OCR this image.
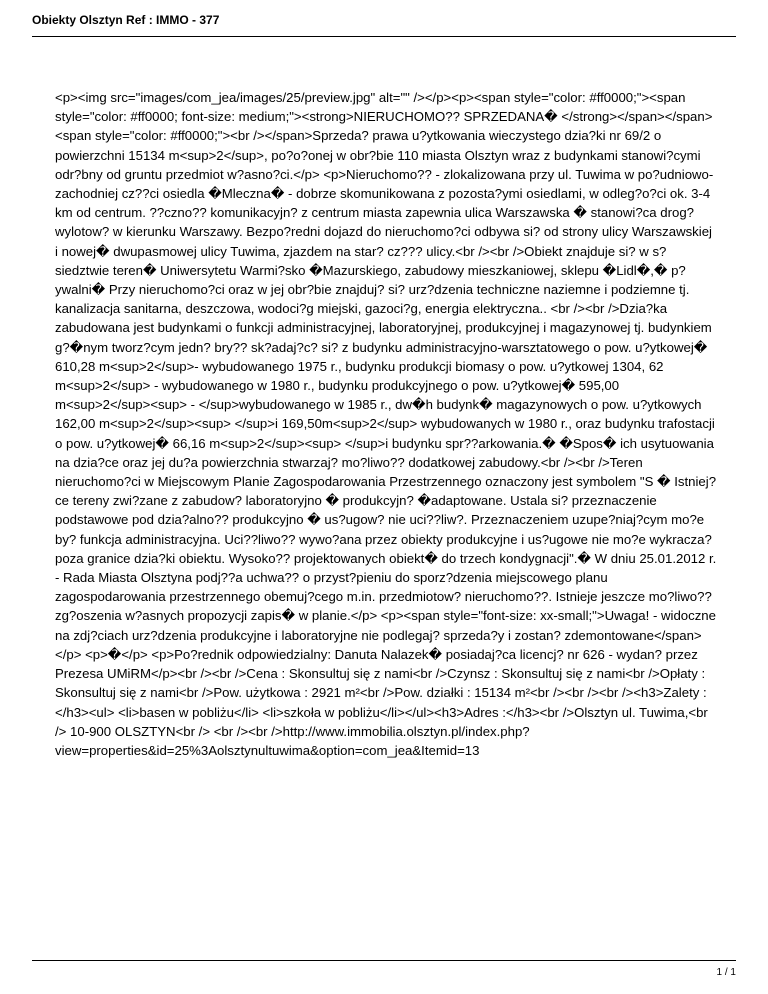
Obiekty Olsztyn Ref : IMMO - 377
<p><img src="images/com_jea/images/25/preview.jpg" alt="" /></p><p><span style="color: #ff0000;"><span style="color: #ff0000; font-size: medium;"><strong>NIERUCHOMO?? SPRZEDANA� </strong></span></span><span style="color: #ff0000;"><br /></span>Sprzeda? prawa u?ytkowania wieczystego dzia?ki nr 69/2 o powierzchni 15134 m<sup>2</sup>, po?o?onej w obr?bie 110 miasta Olsztyn wraz z budynkami stanowi?cymi odr?bny od gruntu przedmiot w?asno?ci.</p> <p>Nieruchomo?? - zlokalizowana przy ul. Tuwima w po?udniowo-zachodniej cz??ci osiedla �Mleczna� - dobrze skomunikowana z pozosta?ymi osiedlami, w odleg?o?ci ok. 3-4 km od centrum. ??czno?? komunikacyjn? z centrum miasta zapewnia ulica Warszawska � stanowi?ca drog? wylotow? w kierunku Warszawy. Bezpo?redni dojazd do nieruchomo?ci odbywa si? od strony ulicy Warszawskiej i nowej� dwupasmowej ulicy Tuwima, zjazdem na star? cz??? ulicy.<br /><br />Obiekt znajduje si? w s?siedztwie teren� Uniwersytetu Warmi?sko �Mazurskiego, zabudowy mieszkaniowej, sklepu �Lidl�,� p?ywalni� Przy nieruchomo?ci oraz w jej obr?bie znajduj? si? urz?dzenia techniczne naziemne i podziemne tj. kanalizacja sanitarna, deszczowa, wodoci?g miejski, gazoci?g, energia elektryczna.. <br /><br />Dzia?ka zabudowana jest budynkami o funkcji administracyjnej, laboratoryjnej, produkcyjnej i magazynowej tj. budynkiem g?�nym tworz?cym jedn? bry?? sk?adaj?c? si? z budynku administracyjno-warsztatowego o pow. u?ytkowej� 610,28 m<sup>2</sup>- wybudowanego 1975 r., budynku produkcji biomasy o pow. u?ytkowej 1304, 62 m<sup>2</sup> - wybudowanego w 1980 r., budynku produkcyjnego o pow. u?ytkowej� 595,00 m<sup>2</sup><sup> - </sup>wybudowanego w 1985 r., dw�h budynk� magazynowych o pow. u?ytkowych 162,00 m<sup>2</sup><sup> </sup>i 169,50m<sup>2</sup> wybudowanych w 1980 r., oraz budynku trafostacji o pow. u?ytkowej� 66,16 m<sup>2</sup><sup> </sup>i budynku spr??arkowania.� �Spos� ich usytuowania na dzia?ce oraz jej du?a powierzchnia stwarzaj? mo?liwo?? dodatkowej zabudowy.<br /><br />Teren nieruchomo?ci w Miejscowym Planie Zagospodarowania Przestrzennego oznaczony jest symbolem "S � Istniej?ce tereny zwi?zane z zabudow? laboratoryjno � produkcyjn? �adaptowane. Ustala si? przeznaczenie podstawowe pod dzia?alno?? produkcyjno � us?ugow? nie uci??liw?. Przeznaczeniem uzupe?niaj?cym mo?e by? funkcja administracyjna. Uci??liwo?? wywo?ana przez obiekty produkcyjne i us?ugowe nie mo?e wykracza? poza granice dzia?ki obiektu. Wysoko?? projektowanych obiekt� do trzech kondygnacji".� W dniu 25.01.2012 r. - Rada Miasta Olsztyna podj??a uchwa?? o przyst?pieniu do sporz?dzenia miejscowego planu zagospodarowania przestrzennego obemuj?cego m.in. przedmiotow? nieruchomo??. Istnieje jeszcze mo?liwo?? zg?oszenia w?asnych propozycji zapis� w planie.</p> <p><span style="font-size: xx-small;">Uwaga! - widoczne na zdj?ciach urz?dzenia produkcyjne i laboratoryjne nie podlegaj? sprzeda?y i zostan? zdemontowane</span></p> <p>�</p> <p>Po?rednik odpowiedzialny: Danuta Nalazek� posiadaj?ca licencj? nr 626 - wydan? przez Prezesa UMiRM</p><br /><br />Cena : Skonsultuj się z nami<br />Czynsz : Skonsultuj się z nami<br />Opłaty : Skonsultuj się z nami<br />Pow. użytkowa : 2921 m²<br />Pow. działki : 15134 m²<br /><br /><br /><h3>Zalety :</h3><ul> <li>basen w pobliżu</li> <li>szkoła w pobliżu</li></ul><h3>Adres :</h3><br />Olsztyn ul. Tuwima,<br /> 10-900 OLSZTYN<br /> <br /><br />http://www.immobilia.olsztyn.pl/index.php?view=properties&id=25%3Aolsztynultuwima&option=com_jea&Itemid=13
1 / 1
